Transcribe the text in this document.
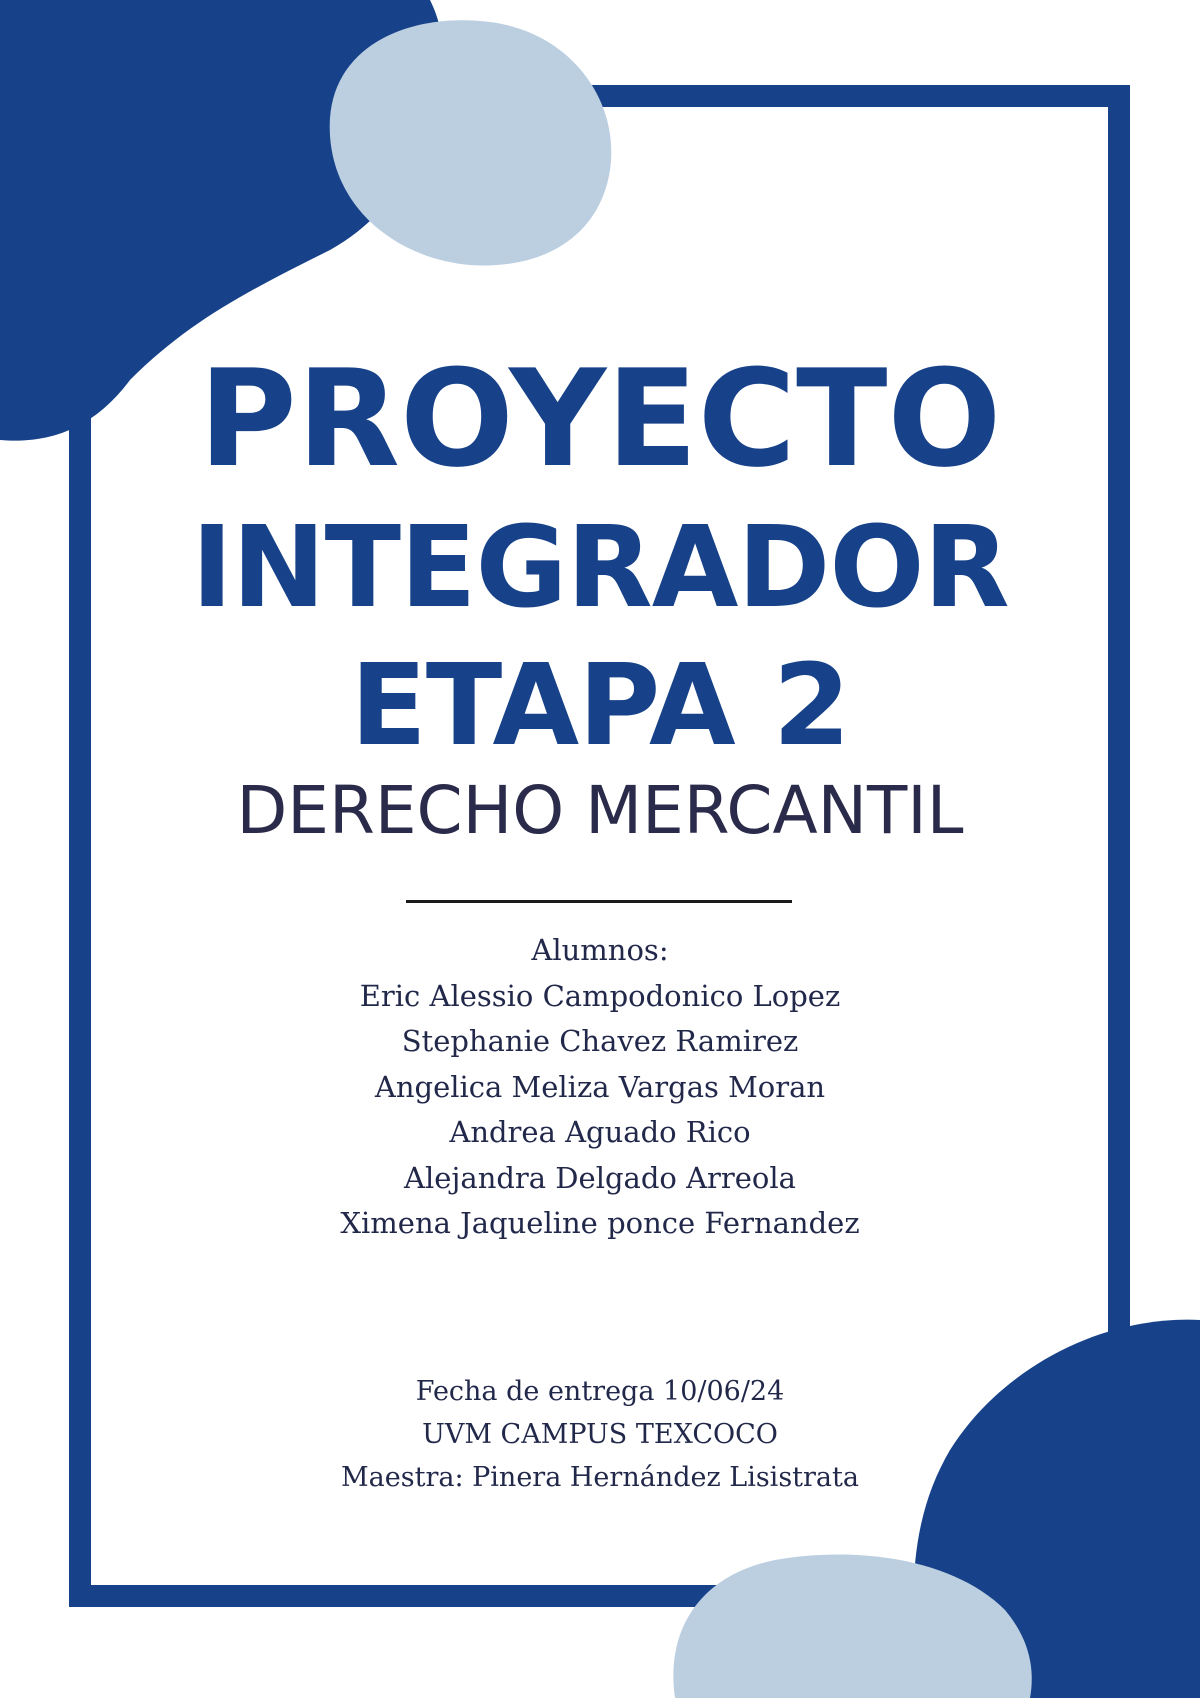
PROYECTO
INTEGRADOR
ETAPA 2
DERECHO MERCANTIL
Alumnos:
Eric Alessio Campodonico Lopez
Stephanie Chavez Ramirez
Angelica Meliza Vargas Moran
Andrea Aguado Rico
Alejandra Delgado Arreola
Ximena Jaqueline ponce Fernandez
Fecha de entrega 10/06/24
UVM CAMPUS TEXCOCO
Maestra: Pinera Hernández Lisistrata
